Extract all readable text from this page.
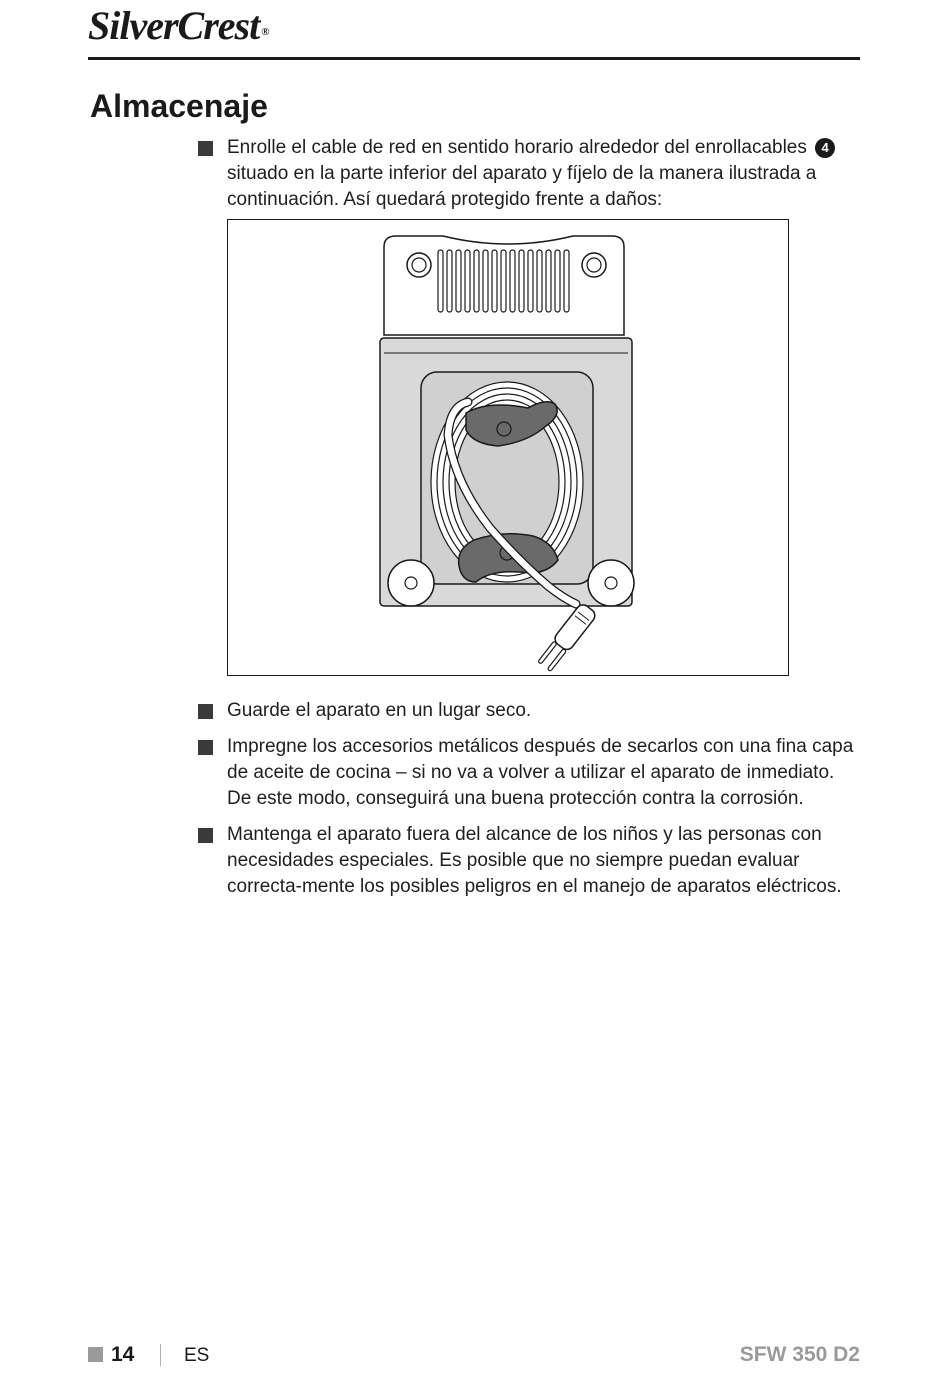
SilverCrest ®
Almacenaje
Enrolle el cable de red en sentido horario alrededor del enrollacables 4 situado en la parte inferior del aparato y fíjelo de la manera ilustrada a continuación. Así quedará protegido frente a daños:
Guarde el aparato en un lugar seco.
Impregne los accesorios metálicos después de secarlos con una fina capa de aceite de cocina – si no va a volver a utilizar el aparato de inmediato. De este modo, conseguirá una buena protección contra la corrosión.
Mantenga el aparato fuera del alcance de los niños y las personas con necesidades especiales. Es posible que no siempre puedan evaluar correcta-mente los posibles peligros en el manejo de aparatos eléctricos.
14	ES	SFW 350 D2
